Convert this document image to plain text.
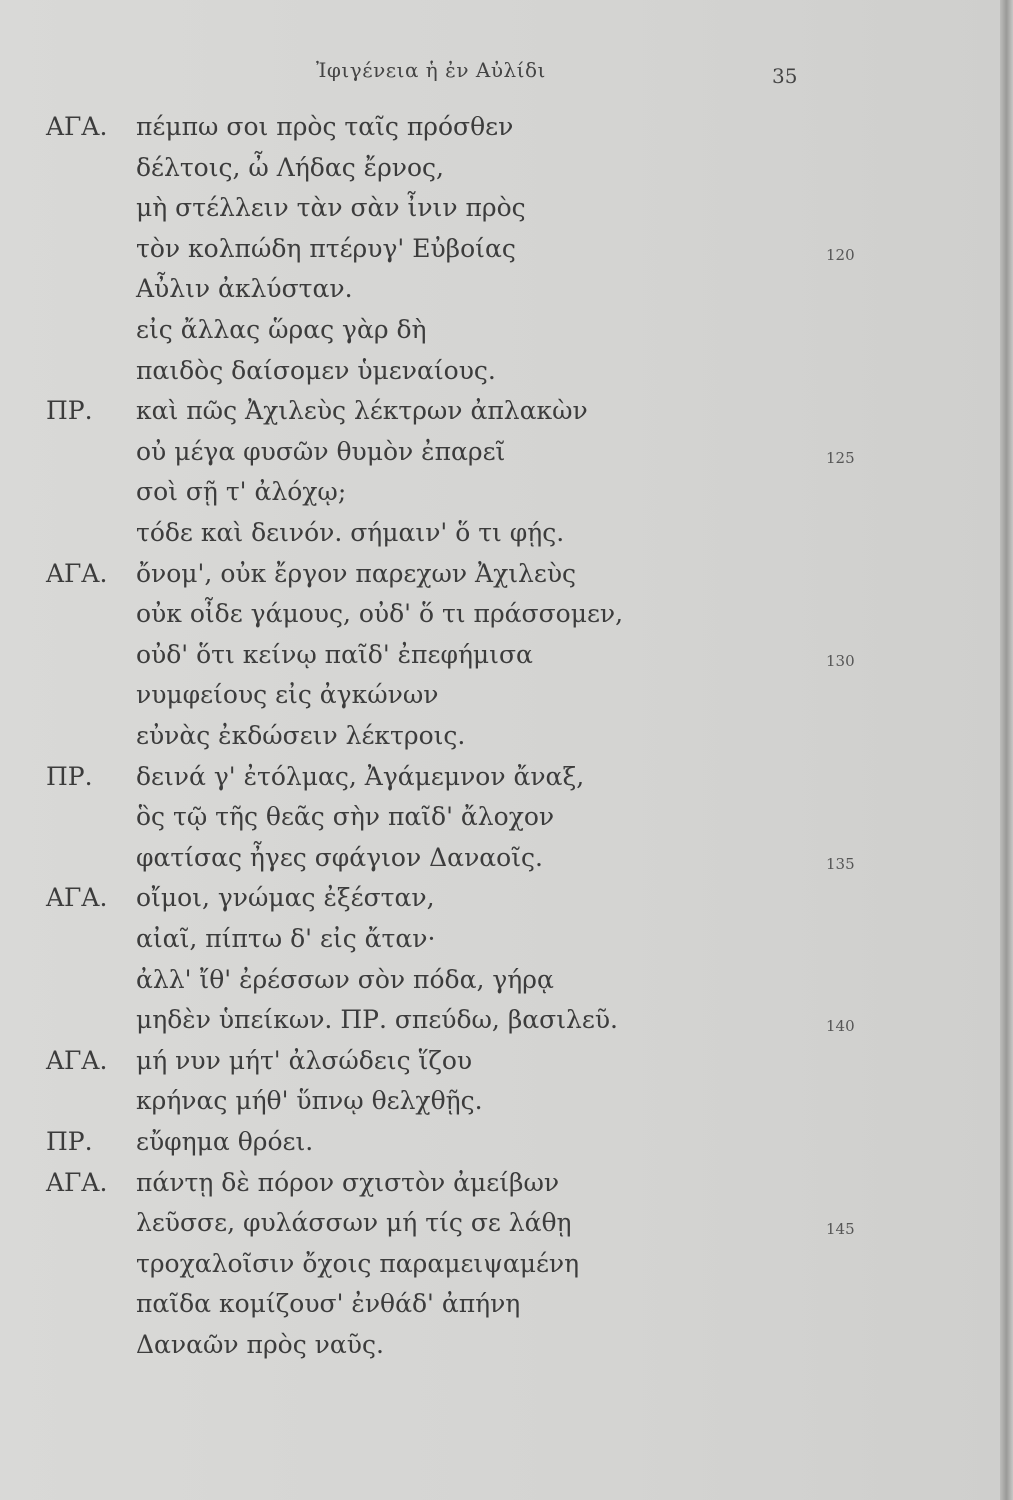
Ἰφιγένεια ἡ ἐν Αὐλίδι	35
ΑΓΑ. πέμπω σοι πρὸς ταῖς πρόσθεν
δέλτοις, ὦ Λήδας ἔρνος,
μὴ στέλλειν τὰν σὰν ἶνιν πρὸς
τὸν κολπώδη πτέρυγ' Εὐβοίας	120
Αὖλιν ἀκλύσταν.
εἰς ἄλλας ὥρας γὰρ δὴ
παιδὸς δαίσομεν ὑμεναίους.
ΠΡ. καὶ πῶς Ἀχιλεὺς λέκτρων ἀπλακὼν
οὐ μέγα φυσῶν θυμὸν ἐπαρεῖ	125
σοὶ σῇ τ' ἀλόχῳ;
τόδε καὶ δεινόν. σήμαιν' ὅ τι φῄς.
ΑΓΑ. ὄνομ', οὐκ ἔργον παρεχων Ἀχιλεὺς
οὐκ οἶδε γάμους, οὐδ' ὅ τι πράσσομεν,
οὐδ' ὅτι κείνῳ παῖδ' ἐπεφήμισα	130
νυμφείους εἰς ἀγκώνων
εὐνὰς ἐκδώσειν λέκτροις.
ΠΡ. δεινά γ' ἐτόλμας, Ἀγάμεμνον ἄναξ,
ὃς τῷ τῆς θεᾶς σὴν παῖδ' ἄλοχον
φατίσας ἦγες σφάγιον Δαναοῖς.	135
ΑΓΑ. οἴμοι, γνώμας ἐξέσταν,
αἰαῖ, πίπτω δ' εἰς ἄταν·
ἀλλ' ἴθ' ἐρέσσων σὸν πόδα, γήρᾳ
μηδὲν ὑπείκων. ΠΡ. σπεύδω, βασιλεῦ.	140
ΑΓΑ. μή νυν μήτ' ἀλσώδεις ἵζου
κρήνας μήθ' ὕπνῳ θελχθῇς.
ΠΡ. εὔφημα θρόει.
ΑΓΑ. πάντῃ δὲ πόρον σχιστὸν ἀμείβων
λεῦσσε, φυλάσσων μή τίς σε λάθῃ	145
τροχαλοῖσιν ὄχοις παραμειψαμένη
παῖδα κομίζουσ' ἐνθάδ' ἀπήνη
Δαναῶν πρὸς ναῦς.
